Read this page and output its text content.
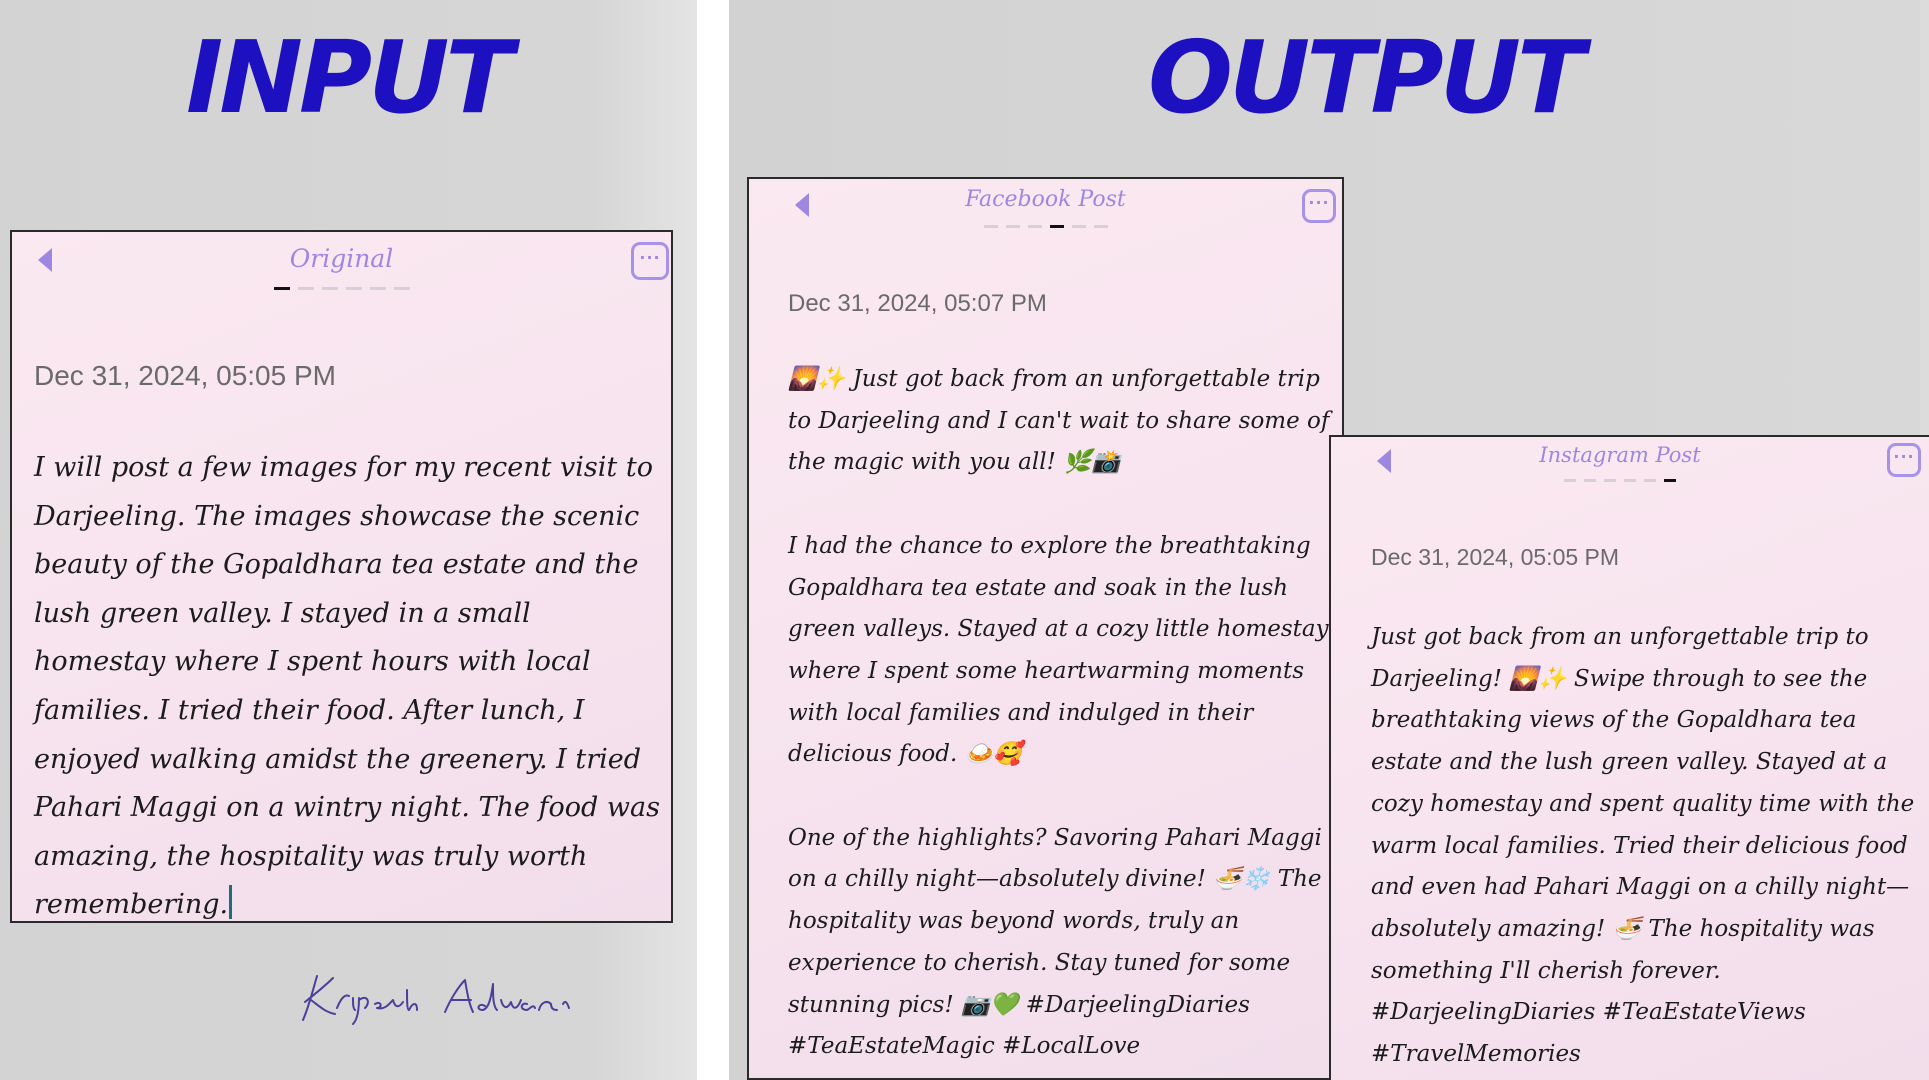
INPUT	OUTPUT
Original	···
Dec 31, 2024, 05:05 PM

I will post a few images for my recent visit to Darjeeling. The images showcase the scenic beauty of the Gopaldhara tea estate and the lush green valley. I stayed in a small homestay where I spent hours with local families. I tried their food. After lunch, I enjoyed walking amidst the greenery. I tried Pahari Maggi on a wintry night. The food was amazing, the hospitality was truly worth remembering.

Facebook Post	···
Dec 31, 2024, 05:07 PM

🌄✨ Just got back from an unforgettable trip to Darjeeling and I can't wait to share some of the magic with you all! 🌿📸

I had the chance to explore the breathtaking Gopaldhara tea estate and soak in the lush green valleys. Stayed at a cozy little homestay where I spent some heartwarming moments with local families and indulged in their delicious food. 🍛🥰

One of the highlights? Savoring Pahari Maggi on a chilly night—absolutely divine! 🍜❄️ The hospitality was beyond words, truly an experience to cherish. Stay tuned for some stunning pics! 📷💚 #DarjeelingDiaries #TeaEstateMagic #LocalLove

Instagram Post	···
Dec 31, 2024, 05:05 PM

Just got back from an unforgettable trip to Darjeeling! 🌄✨ Swipe through to see the breathtaking views of the Gopaldhara tea estate and the lush green valley. Stayed at a cozy homestay and spent quality time with the warm local families. Tried their delicious food and even had Pahari Maggi on a chilly night—absolutely amazing! 🍜 The hospitality was something I'll cherish forever. #DarjeelingDiaries #TeaEstateViews #TravelMemories
